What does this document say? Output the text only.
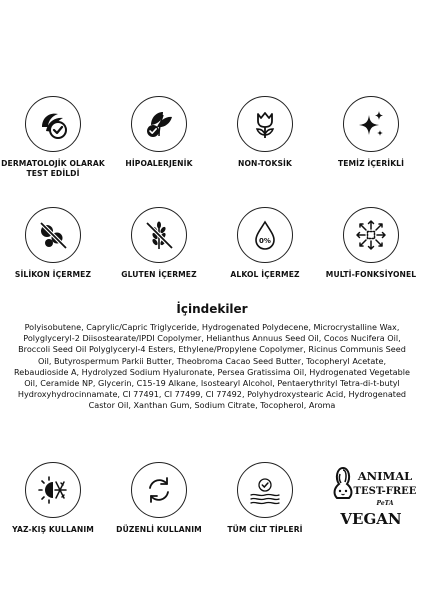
DERMATOLOJİK OLARAK
TEST EDİLDİ
HİPOALERJENİK	NON-TOKSİK	TEMİZ İÇERİKLİ
SİLİKON İÇERMEZ	GLUTEN İÇERMEZ
0%
ALKOL İÇERMEZ	MULTİ-FONKSİYONEL
İçindekiler
Polyisobutene, Caprylic/Capric Triglyceride, Hydrogenated Polydecene, Microcrystalline Wax, Polyglyceryl-2 Diisostearate/IPDI Copolymer, Helianthus Annuus Seed Oil, Cocos Nucifera Oil, Broccoli Seed Oil Polyglyceryl-4 Esters, Ethylene/Propylene Copolymer, Ricinus Communis Seed Oil, Butyrospermum Parkii Butter, Theobroma Cacao Seed Butter, Tocopheryl Acetate, Rebaudioside A, Hydrolyzed Sodium Hyaluronate, Persea Gratissima Oil, Hydrogenated Vegetable Oil, Ceramide NP, Glycerin, C15-19 Alkane, Isostearyl Alcohol, Pentaerythrityl Tetra-di-t-butyl Hydroxyhydrocinnamate, CI 77491, CI 77499, CI 77492, Polyhydroxystearic Acid, Hydrogenated Castor Oil, Xanthan Gum, Sodium Citrate, Tocopherol, Aroma
YAZ-KIŞ KULLANIM	DÜZENLİ KULLANIM	TÜM CİLT TİPLERİ
ANIMAL
TEST-FREE
PeTA
VEGAN
